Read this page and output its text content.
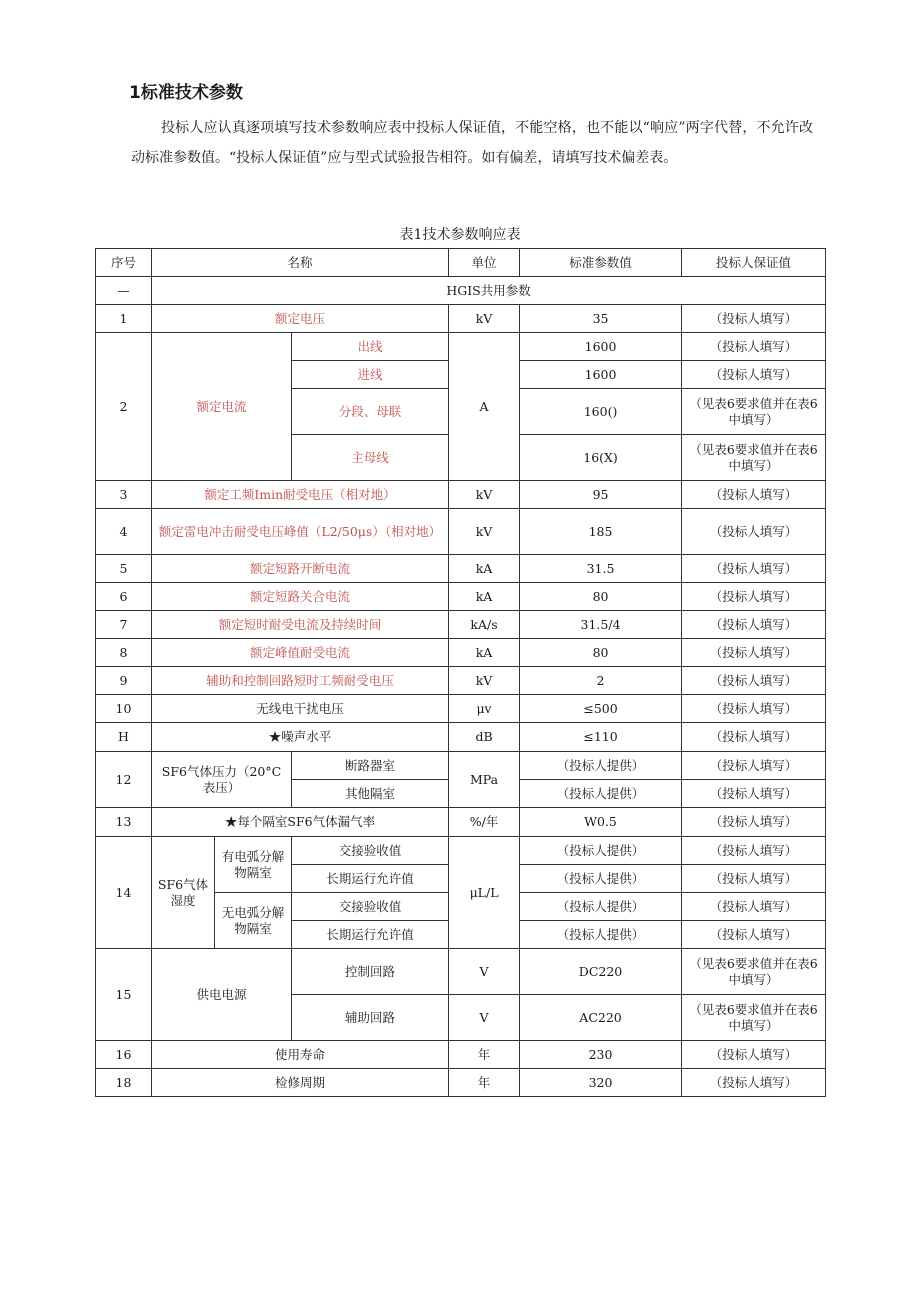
1标准技术参数

投标人应认真逐项填写技术参数响应表中投标人保证值，不能空格，也不能以“响应”两字代替，不允许改动标准参数值。“投标人保证值”应与型式试验报告相符。如有偏差，请填写技术偏差表。

表1技术参数响应表

序号	名称			单位	标准参数值	投标人保证值
—	HGIS共用参数					
1	额定电压			kV	35	（投标人填写）
2	额定电流		出线	A	1600	（投标人填写）
			进线		1600	（投标人填写）
			分段、母联		160()	（见表6要求值并在表6中填写）
			主母线		16(X)	（见表6要求值并在表6中填写）
3	额定工频Imin耐受电压（相对地）			kV	95	（投标人填写）
4	额定雷电冲击耐受电压峰值（L2/50μs）（相对地）			kV	185	（投标人填写）
5	额定短路开断电流			kA	31.5	（投标人填写）
6	额定短路关合电流			kA	80	（投标人填写）
7	额定短时耐受电流及持续时间			kA/s	31.5/4	（投标人填写）
8	额定峰值耐受电流			kA	80	（投标人填写）
9	辅助和控制回路短时工频耐受电压			kV	2	（投标人填写）
10	无线电干扰电压			μv	≤500	（投标人填写）
H	★噪声水平			dB	≤110	（投标人填写）
12	SF6气体压力（20°C表压）		断路器室	MPa	（投标人提供）	（投标人填写）
			其他隔室		（投标人提供）	（投标人填写）
13	★每个隔室SF6气体漏气率			%/年	W0.5	（投标人填写）
14	SF6气体湿度	有电弧分解物隔室	交接验收值	μL/L	（投标人提供）	（投标人填写）
			长期运行允许值		（投标人提供）	（投标人填写）
		无电弧分解物隔室	交接验收值		（投标人提供）	（投标人填写）
			长期运行允许值		（投标人提供）	（投标人填写）
15	供电电源		控制回路	V	DC220	（见表6要求值并在表6中填写）
			辅助回路	V	AC220	（见表6要求值并在表6中填写）
16	使用寿命			年	230	（投标人填写）
18	检修周期			年	320	（投标人填写）
